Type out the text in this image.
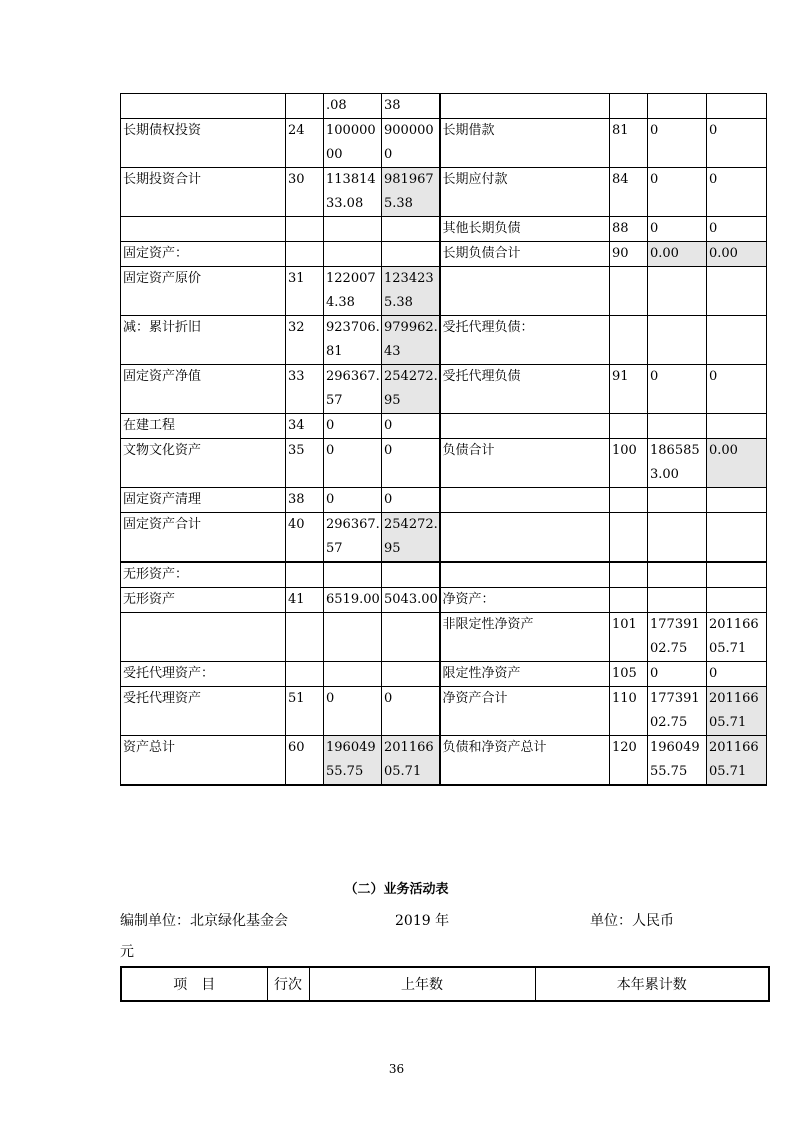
		.08	38				
长期债权投资	24	10000000	9000000	长期借款	81	0	0
长期投资合计	30	11381433.08	9819675.38	长期应付款	84	0	0
				其他长期负债	88	0	0
固定资产：				长期负债合计	90	0.00	0.00
固定资产原价	31	1220074.38	1234235.38				
减：累计折旧	32	923706.81	979962.43	受托代理负债：			
固定资产净值	33	296367.57	254272.95	受托代理负债	91	0	0
在建工程	34	0	0				
文物文化资产	35	0	0	负债合计	100	1865853.00	0.00
固定资产清理	38	0	0				
固定资产合计	40	296367.57	254272.95				

无形资产：							
无形资产	41	6519.00	5043.00	净资产：			
				非限定性净资产	101	17739102.75	20116605.71
受托代理资产：				限定性净资产	105	0	0
受托代理资产	51	0	0	净资产合计	110	17739102.75	20116605.71
资产总计	60	19604955.75	20116605.71	负债和净资产总计	120	19604955.75	20116605.71
（二）业务活动表
编制单位：北京绿化基金会	2019 年	单位：人民币
元
项　目	行次	上年数	本年累计数
36
